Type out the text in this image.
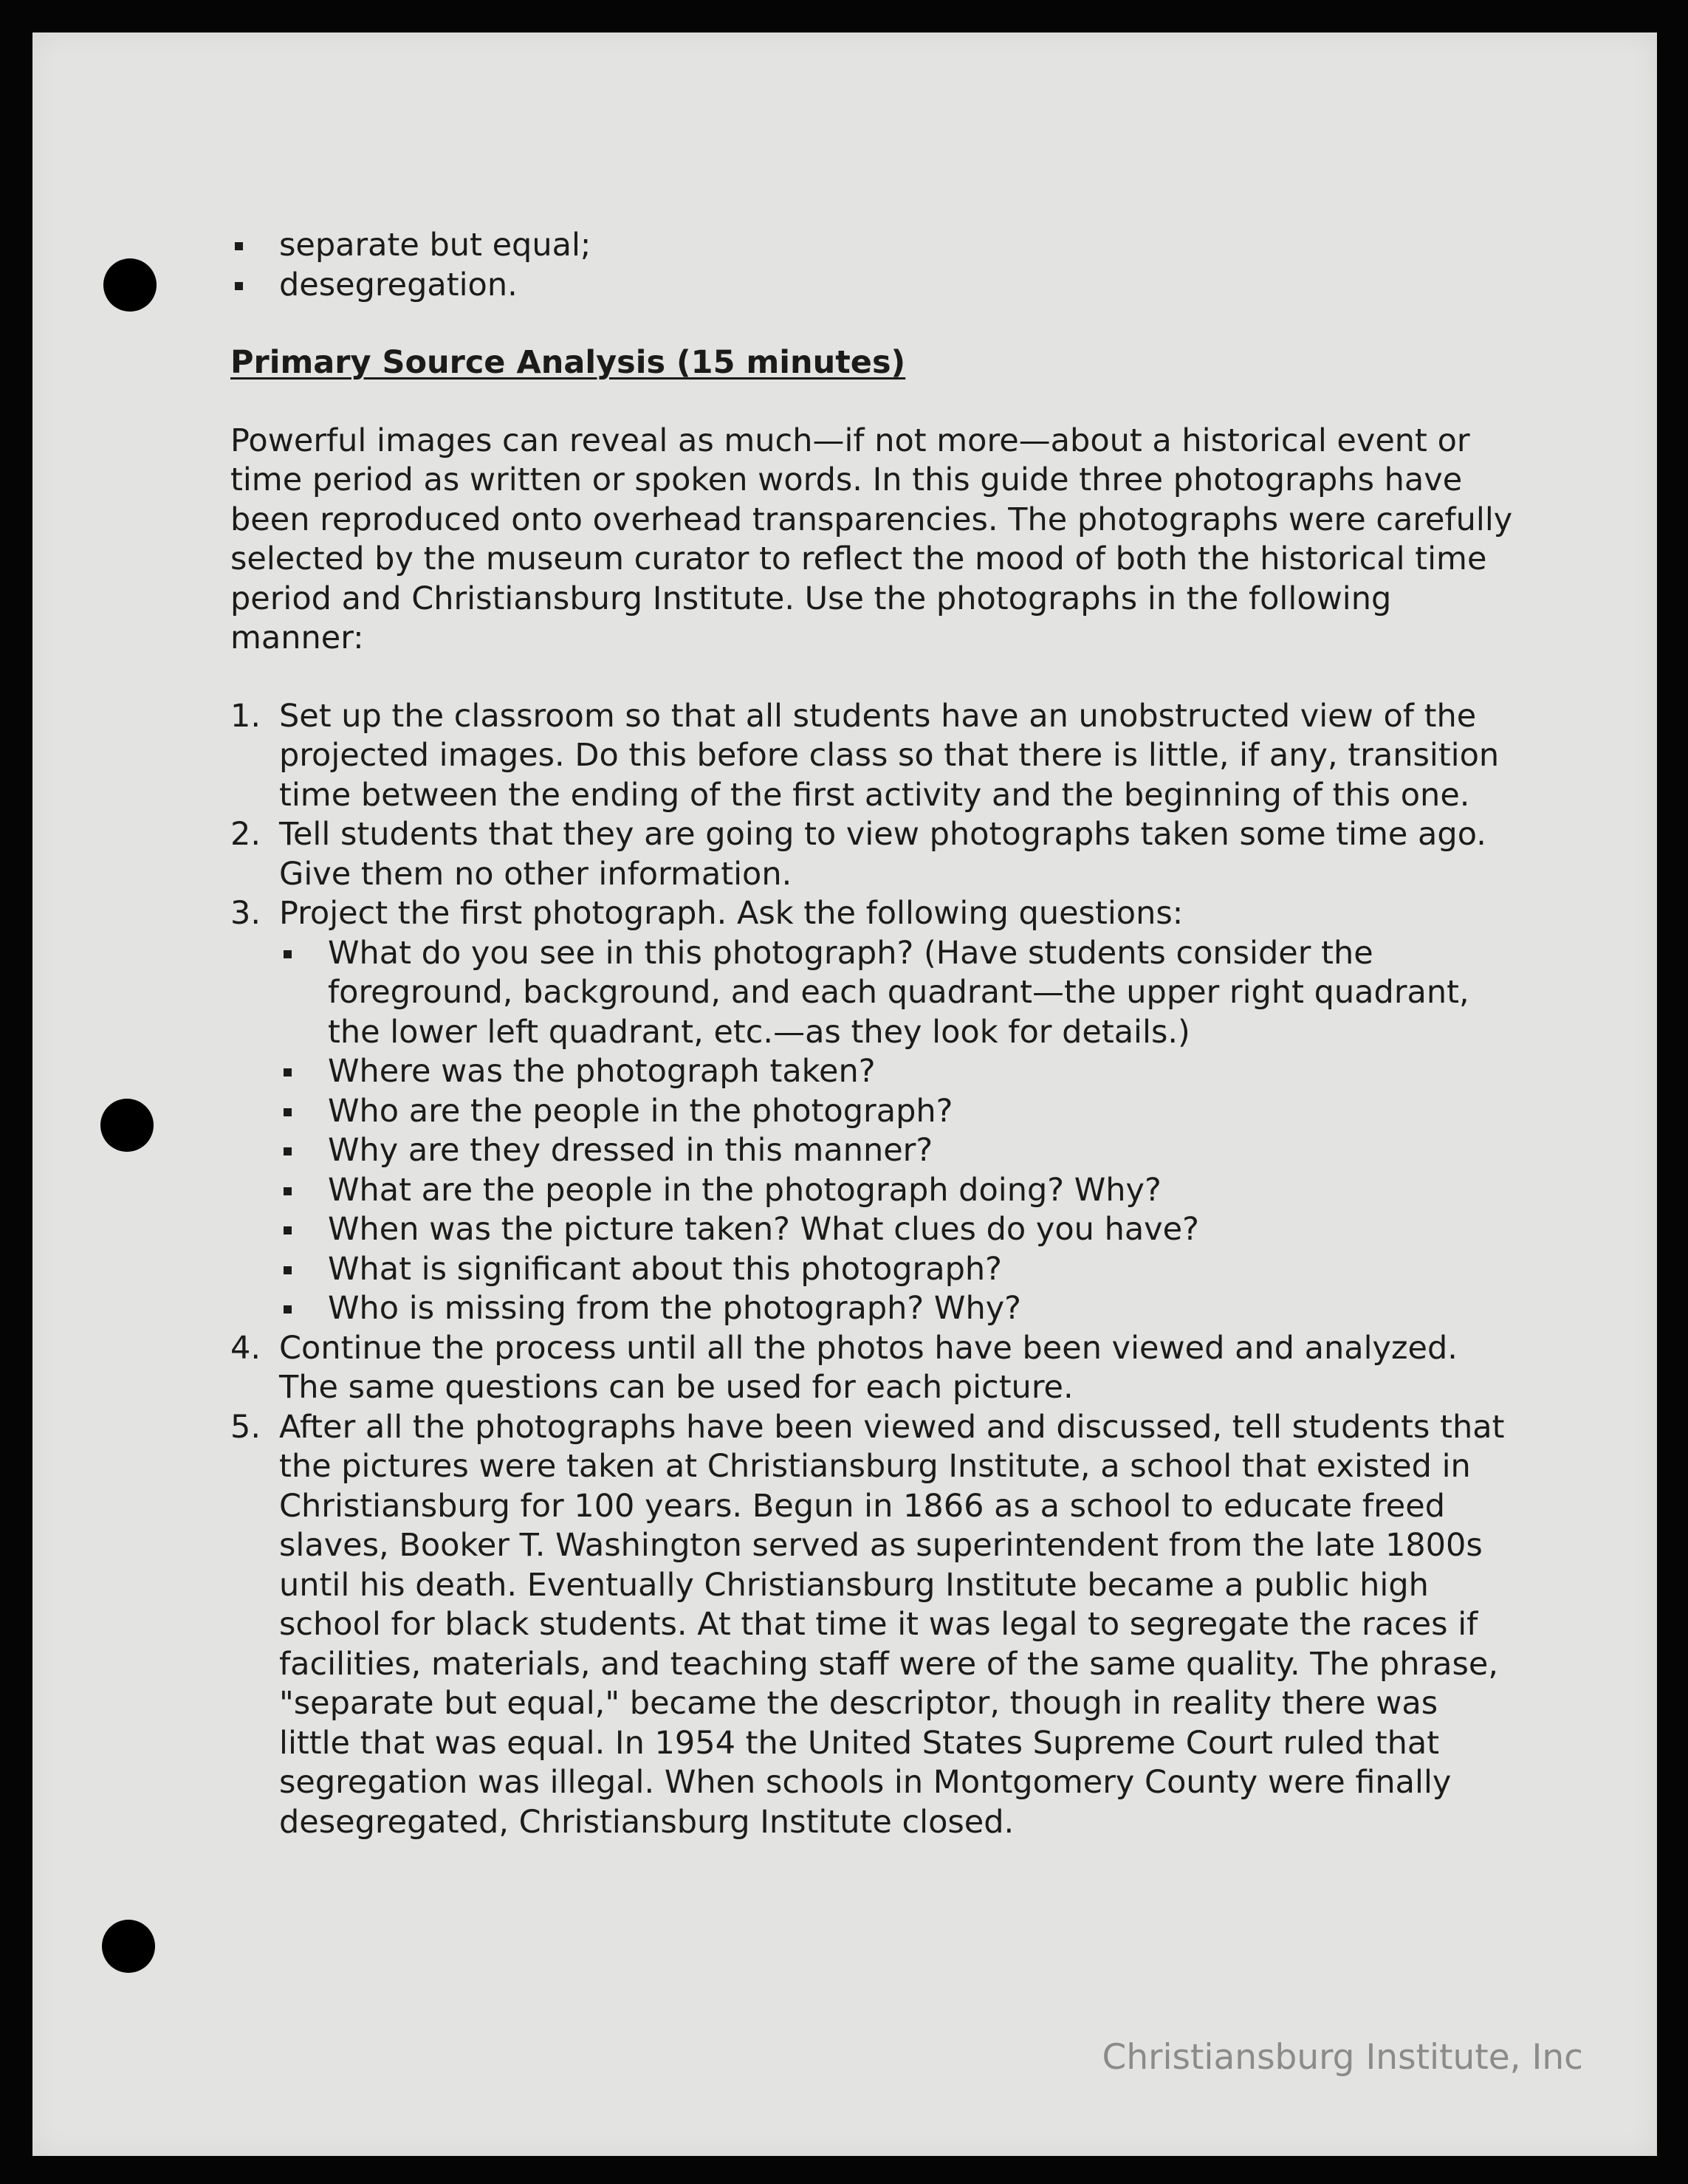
separate but equal;
desegregation.
Primary Source Analysis (15 minutes)
Powerful images can reveal as much—if not more—about a historical event or time period as written or spoken words. In this guide three photographs have been reproduced onto overhead transparencies. The photographs were carefully selected by the museum curator to reflect the mood of both the historical time period and Christiansburg Institute. Use the photographs in the following manner:
1. Set up the classroom so that all students have an unobstructed view of the projected images. Do this before class so that there is little, if any, transition time between the ending of the first activity and the beginning of this one.
2. Tell students that they are going to view photographs taken some time ago. Give them no other information.
3. Project the first photograph. Ask the following questions:
What do you see in this photograph? (Have students consider the foreground, background, and each quadrant—the upper right quadrant, the lower left quadrant, etc.—as they look for details.)
Where was the photograph taken?
Who are the people in the photograph?
Why are they dressed in this manner?
What are the people in the photograph doing? Why?
When was the picture taken? What clues do you have?
What is significant about this photograph?
Who is missing from the photograph? Why?
4. Continue the process until all the photos have been viewed and analyzed. The same questions can be used for each picture.
5. After all the photographs have been viewed and discussed, tell students that the pictures were taken at Christiansburg Institute, a school that existed in Christiansburg for 100 years. Begun in 1866 as a school to educate freed slaves, Booker T. Washington served as superintendent from the late 1800s until his death. Eventually Christiansburg Institute became a public high school for black students. At that time it was legal to segregate the races if facilities, materials, and teaching staff were of the same quality. The phrase, "separate but equal," became the descriptor, though in reality there was little that was equal. In 1954 the United States Supreme Court ruled that segregation was illegal. When schools in Montgomery County were finally desegregated, Christiansburg Institute closed.
Christiansburg Institute, Inc
